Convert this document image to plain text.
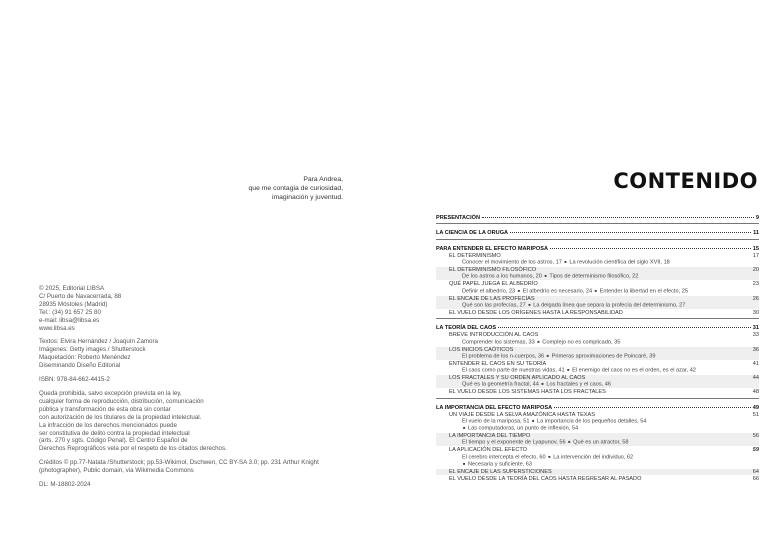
Para Andrea,
que me contagia de curiosidad,
imaginación y juventud.
© 2025, Editorial LIBSA
C/ Puerto de Navacerrada, 88
28935 Móstoles (Madrid)
Tel.: (34) 91 657 25 80
e-mail: libsa@libsa.es
www.libsa.es
Textos: Elvira Hernández / Joaquín Zamora
Imágenes: Getty images / Shutterstock
Maquetación: Roberto Menéndez
Diseminando Diseño Editorial
ISBN: 978-84-662-4415-2
Queda prohibida, salvo excepción prevista en la ley,
cualquier forma de reproducción, distribución, comunicación
pública y transformación de esta obra sin contar
con autorización de los titulares de la propiedad intelectual.
La infracción de los derechos mencionados puede
ser constitutiva de delito contra la propiedad intelectual
(arts. 270 y sgts. Código Penal). El Centro Español de
Derechos Reprográficos vela por el respeto de los citados derechos.
Créditos © pp.77-Natata /Shutterstock; pp.53-Wikimol, Dschwen, CC BY-SA 3.0; pp. 231 Arthur Knight (photographer), Public domain, via Wikimedia Commons
DL: M-18802-2024
CONTENIDO
PRESENTACIÓN	9
LA CIENCIA DE LA ORUGA	11
PARA ENTENDER EL EFECTO MARIPOSA	15
EL DETERMINISMO	17
Conocer el movimiento de los astros, 17 ■ La revolución científica del siglo XVII, 18
EL DETERMINISMO FILOSÓFICO	20
De los astros a los humanos, 20 ■ Tipos de determinismo filosófico, 22
QUÉ PAPEL JUEGA EL ALBEDRÍO	23
Definir el albedrío, 23 ■ El albedrío es necesario, 24 ■ Entender la libertad en el efecto, 25
EL ENCAJE DE LAS PROFECÍAS	26
Qué son las profecías, 27 ■ La delgada línea que separa la profecía del determinismo, 27
EL VUELO DESDE LOS ORÍGENES HASTA LA RESPONSABILIDAD	30
LA TEORÍA DEL CAOS	31
BREVE INTRODUCCIÓN AL CAOS	33
Comprender los sistemas, 33 ■ Complejo no es complicado, 35
LOS INICIOS CAÓTICOS	36
El problema de los n-cuerpos, 36 ■ Primeras aproximaciones de Poincaré, 39
ENTENDER EL CAOS EN SU TEORÍA	41
El caos como parte de nuestras vidas, 41 ■ El enemigo del caos no es el orden, es el azar, 42
LOS FRACTALES Y SU ORDEN APLICADO AL CAOS	44
Qué es la geometría fractal, 44 ■ Los fractales y el caos, 46
EL VUELO DESDE LOS SISTEMAS HASTA LOS FRACTALES	48
LA IMPORTANCIA DEL EFECTO MARIPOSA	49
UN VIAJE DESDE LA SELVA AMAZÓNICA HASTA TEXAS	51
El vuelo de la mariposa, 51 ■ La importancia de los pequeños detalles, 54
■ Las computadoras, un punto de inflexión, 54
LA IMPORTANCIA DEL TIEMPO	56
El tiempo y el exponente de Lyapunov, 56 ■ Qué es un atractor, 58
LA APLICACIÓN DEL EFECTO	59
El cerebro intercepta el efecto, 60 ■ La intervención del individuo, 62
■ Necesaria y suficiente, 63
EL ENCAJE DE LAS SUPERSTICIONES	64
EL VUELO DESDE LA TEORÍA DEL CAOS HASTA REGRESAR AL PASADO	66
